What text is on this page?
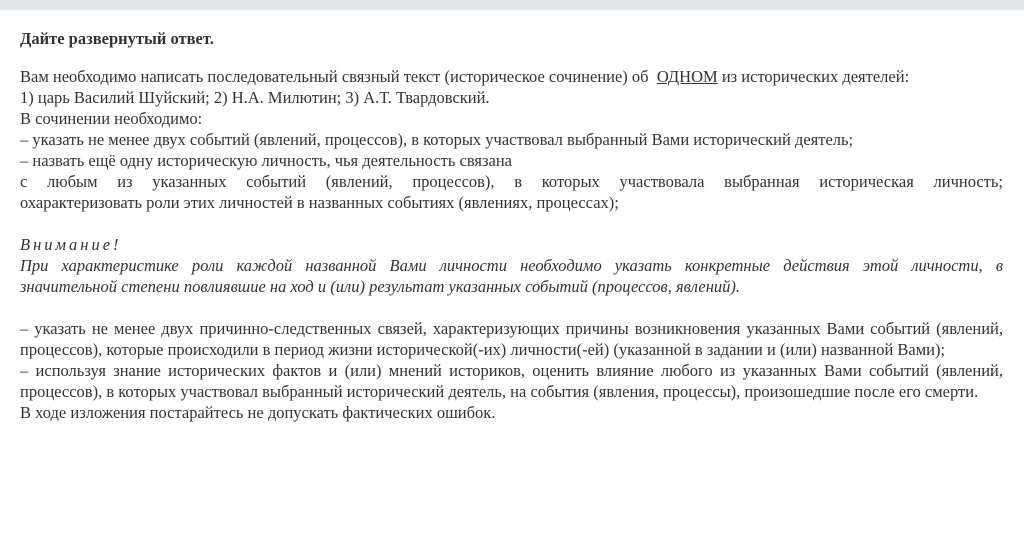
Дайте развернутый ответ.
Вам необходимо написать последовательный связный текст (историческое сочинение) об ОДНОМ из исторических деятелей:
1) царь Василий Шуйский; 2) Н.А. Милютин; 3) А.Т. Твардовский.
В сочинении необходимо:
– указать не менее двух событий (явлений, процессов), в которых участвовал выбранный Вами исторический деятель;
– назвать ещё одну историческую личность, чья деятельность связана
с любым из указанных событий (явлений, процессов), в которых участвовала выбранная историческая личность;
охарактеризовать роли этих личностей в названных событиях (явлениях, процессах);
Внимание!
При характеристике роли каждой названной Вами личности необходимо указать конкретные действия этой личности, в
значительной степени повлиявшие на ход и (или) результат указанных событий (процессов, явлений).

– указать не менее двух причинно-следственных связей, характеризующих причины возникновения указанных Вами событий (явлений, процессов), которые происходили в период жизни исторической(-их) личности(-ей) (указанной в задании и (или) названной Вами);

– используя знание исторических фактов и (или) мнений историков, оценить влияние любого из указанных Вами событий (явлений, процессов), в которых участвовал выбранный исторический деятель, на события (явления, процессы), произошедшие после его смерти.

В ходе изложения постарайтесь не допускать фактических ошибок.
